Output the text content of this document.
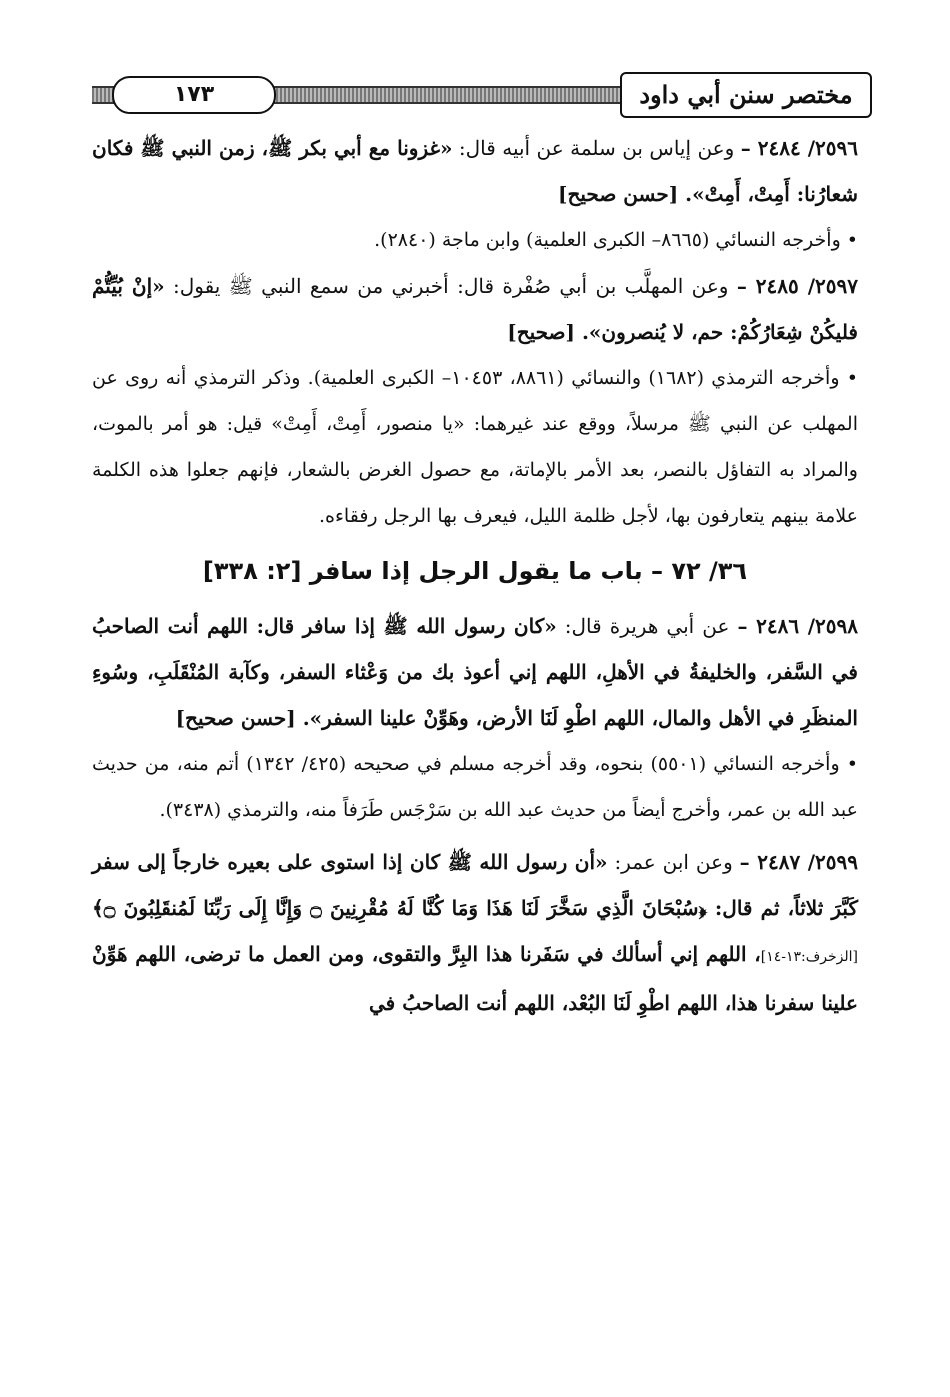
١٧٣	مختصر سنن أبي داود

٢٥٩٦/ ٢٤٨٤ – وعن إياس بن سلمة عن أبيه قال: «غزونا مع أبي بكر ﷺ، زمن النبي ﷺ فكان شعارُنا: أَمِتْ، أَمِتْ». [حسن صحيح]

• وأخرجه النسائي (٨٦٦٥– الكبرى العلمية) وابن ماجة (٢٨٤٠).

٢٥٩٧/ ٢٤٨٥ – وعن المهلَّب بن أبي صُفْرة قال: أخبرني من سمع النبي ﷺ يقول: «إنْ بُيِّتُّمْ فليكُنْ شِعَارُكُمْ: حم، لا يُنصرون». [صحيح]

• وأخرجه الترمذي (١٦٨٢) والنسائي (٨٨٦١، ١٠٤٥٣– الكبرى العلمية). وذكر الترمذي أنه روى عن المهلب عن النبي ﷺ مرسلاً، ووقع عند غيرهما: «يا منصور، أَمِتْ، أَمِتْ» قيل: هو أمر بالموت، والمراد به التفاؤل بالنصر، بعد الأمر بالإماتة، مع حصول الغرض بالشعار، فإنهم جعلوا هذه الكلمة علامة بينهم يتعارفون بها، لأجل ظلمة الليل، فيعرف بها الرجل رفقاءه.

٣٦/ ٧٢ – باب ما يقول الرجل إذا سافر [٢: ٣٣٨]

٢٥٩٨/ ٢٤٨٦ – عن أبي هريرة قال: «كان رسول الله ﷺ إذا سافر قال: اللهم أنت الصاحبُ في السَّفر، والخليفةُ في الأهلِ، اللهم إني أعوذ بك من وَعْثاء السفر، وكآبة المُنْقَلَبِ، وسُوءِ المنظَرِ في الأهل والمال، اللهم اطْوِ لَنَا الأرض، وهَوِّنْ علينا السفر». [حسن صحيح]

• وأخرجه النسائي (٥٥٠١) بنحوه، وقد أخرجه مسلم في صحيحه (٤٢٥/ ١٣٤٢) أتم منه، من حديث عبد الله بن عمر، وأخرج أيضاً من حديث عبد الله بن سَرْجَس طَرَفاً منه، والترمذي (٣٤٣٨).

٢٥٩٩/ ٢٤٨٧ – وعن ابن عمر: «أن رسول الله ﷺ كان إذا استوى على بعيره خارجاً إلى سفر كَبَّرَ ثلاثاً، ثم قال: ﴿سُبْحَانَ الَّذِي سَخَّرَ لَنَا هَذَا وَمَا كُنَّا لَهُ مُقْرِنِينَ ۝ وَإِنَّا إِلَى رَبِّنَا لَمُنقَلِبُونَ ۝﴾[الزخرف:١٣-١٤]، اللهم إني أسألك في سَفَرنا هذا البِرَّ والتقوى، ومن العمل ما ترضى، اللهم هَوِّنْ علينا سفرنا هذا، اللهم اطْوِ لَنَا البُعْد، اللهم أنت الصاحبُ في
